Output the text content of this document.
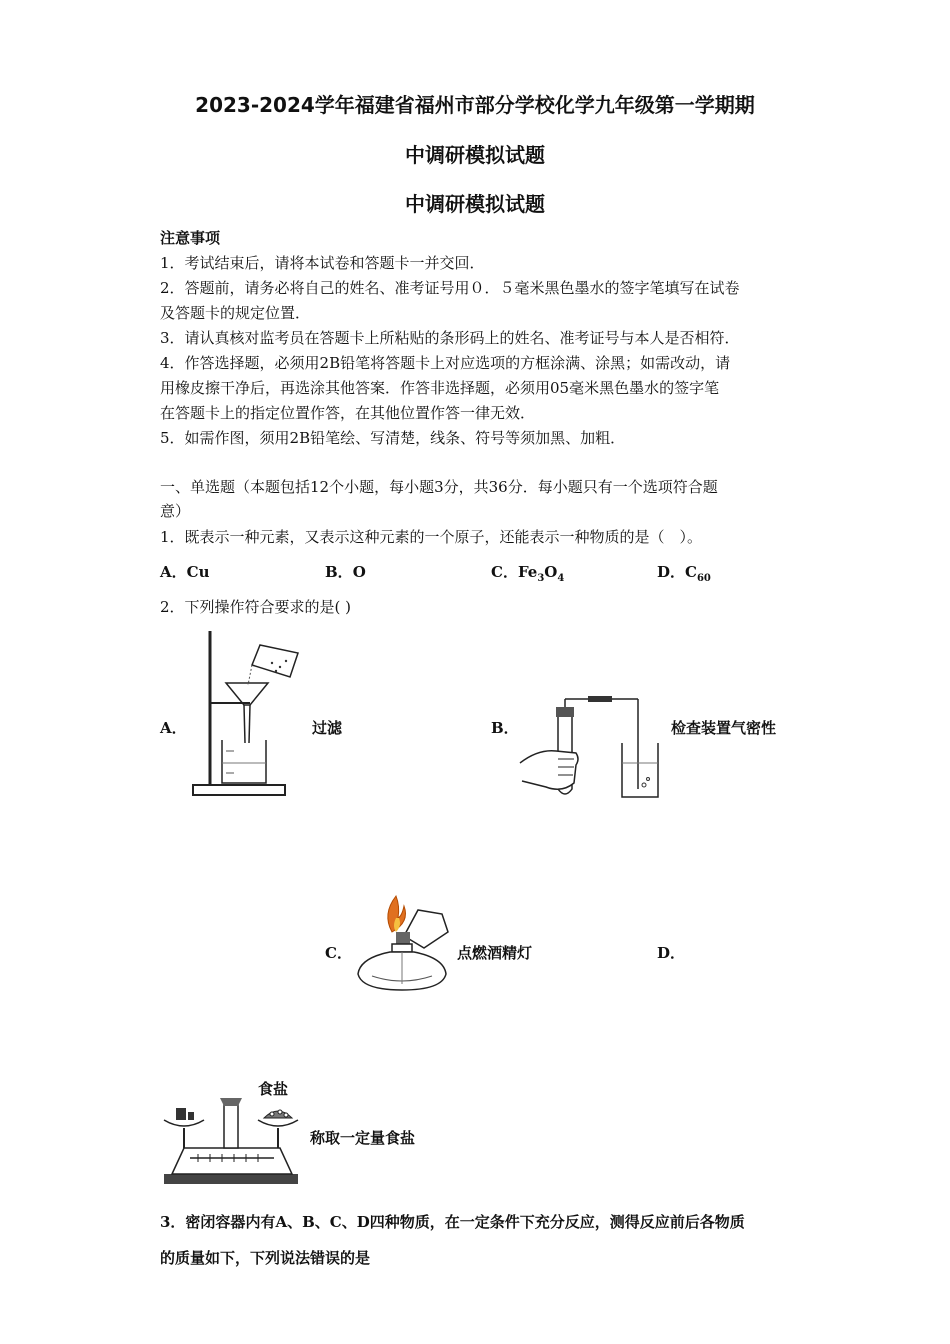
2023-2024学年福建省福州市部分学校化学九年级第一学期期
中调研模拟试题
中调研模拟试题
注意事项
1．考试结束后，请将本试卷和答题卡一并交回．
2．答题前，请务必将自己的姓名、准考证号用０．５毫米黑色墨水的签字笔填写在试卷
及答题卡的规定位置．
3．请认真核对监考员在答题卡上所粘贴的条形码上的姓名、准考证号与本人是否相符．
4．作答选择题，必须用2B铅笔将答题卡上对应选项的方框涂满、涂黑；如需改动，请
用橡皮擦干净后，再选涂其他答案．作答非选择题，必须用05毫米黑色墨水的签字笔
在答题卡上的指定位置作答，在其他位置作答一律无效．
5．如需作图，须用2B铅笔绘、写清楚，线条、符号等须加黑、加粗．
一、单选题（本题包括12个小题，每小题3分，共36分．每小题只有一个选项符合题
意）
1．既表示一种元素，又表示这种元素的一个原子，还能表示一种物质的是（　）。
A．Cu	B．O	C．$Fe_3O_4$	D．$C_{60}$
2．下列操作符合要求的是( )
A．	过滤	B．	检查装置气密性
C．	点燃酒精灯	D．
食盐
称取一定量食盐
3．密闭容器内有A、B、C、D四种物质，在一定条件下充分反应，测得反应前后各物质
的质量如下，下列说法错误的是
